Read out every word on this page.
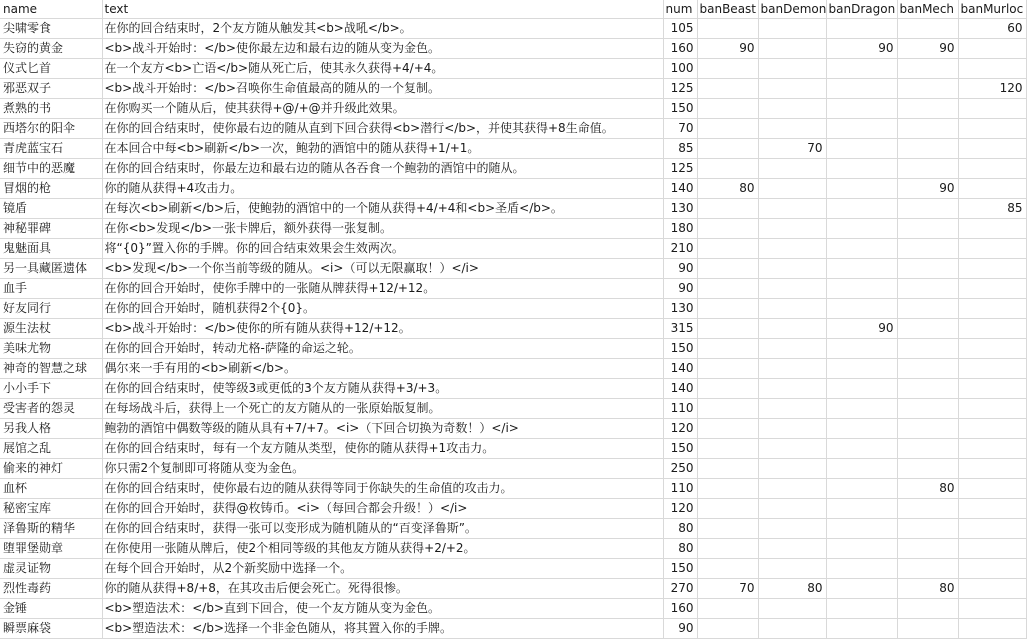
name	text	num	banBeast	banDemon	banDragon	banMech	banMurloc
尖啸零食	在你的回合结束时，2个友方随从触发其<b>战吼</b>。	105					60
失窃的黄金	<b>战斗开始时：</b>使你最左边和最右边的随从变为金色。	160	90		90	90	
仪式匕首	在一个友方<b>亡语</b>随从死亡后，使其永久获得+4/+4。	100					
邪恶双子	<b>战斗开始时：</b>召唤你生命值最高的随从的一个复制。	125					120
煮熟的书	在你购买一个随从后，使其获得+@/+@并升级此效果。	150					
西塔尔的阳伞	在你的回合结束时，使你最右边的随从直到下回合获得<b>潜行</b>，并使其获得+8生命值。	70					
青虎蓝宝石	在本回合中每<b>刷新</b>一次，鲍勃的酒馆中的随从获得+1/+1。	85		70			
细节中的恶魔	在你的回合结束时，你最左边和最右边的随从各吞食一个鲍勃的酒馆中的随从。	125					
冒烟的枪	你的随从获得+4攻击力。	140	80			90	
镜盾	在每次<b>刷新</b>后，使鲍勃的酒馆中的一个随从获得+4/+4和<b>圣盾</b>。	130					85
神秘罪碑	在你<b>发现</b>一张卡牌后，额外获得一张复制。	180					
鬼魅面具	将“{0}”置入你的手牌。你的回合结束效果会生效两次。	210					
另一具藏匿遗体	<b>发现</b>一个你当前等级的随从。<i>（可以无限赢取！）</i>	90					
血手	在你的回合开始时，使你手牌中的一张随从牌获得+12/+12。	90					
好友同行	在你的回合开始时，随机获得2个{0}。	130					
源生法杖	<b>战斗开始时：</b>使你的所有随从获得+12/+12。	315			90		
美味尤物	在你的回合开始时，转动尤格-萨隆的命运之轮。	150					
神奇的智慧之球	偶尔来一手有用的<b>刷新</b>。	140					
小小手下	在你的回合结束时，使等级3或更低的3个友方随从获得+3/+3。	140					
受害者的怨灵	在每场战斗后，获得上一个死亡的友方随从的一张原始版复制。	110					
另我人格	鲍勃的酒馆中偶数等级的随从具有+7/+7。<i>（下回合切换为奇数！）</i>	120					
展馆之乱	在你的回合结束时，每有一个友方随从类型，使你的随从获得+1攻击力。	150					
偷来的神灯	你只需2个复制即可将随从变为金色。	250					
血杯	在你的回合结束时，使你最右边的随从获得等同于你缺失的生命值的攻击力。	110				80	
秘密宝库	在你的回合开始时，获得@枚铸币。<i>（每回合都会升级！）</i>	120					
泽鲁斯的精华	在你的回合结束时，获得一张可以变形成为随机随从的“百变泽鲁斯”。	80					
堕罪堡勋章	在你使用一张随从牌后，使2个相同等级的其他友方随从获得+2/+2。	80					
虚灵证物	在每个回合开始时，从2个新奖励中选择一个。	150					
烈性毒药	你的随从获得+8/+8，在其攻击后便会死亡。死得很惨。	270	70	80		80	
金锤	<b>塑造法术：</b>直到下回合，使一个友方随从变为金色。	160					
瞬票麻袋	<b>塑造法术：</b>选择一个非金色随从，将其置入你的手牌。	90					
